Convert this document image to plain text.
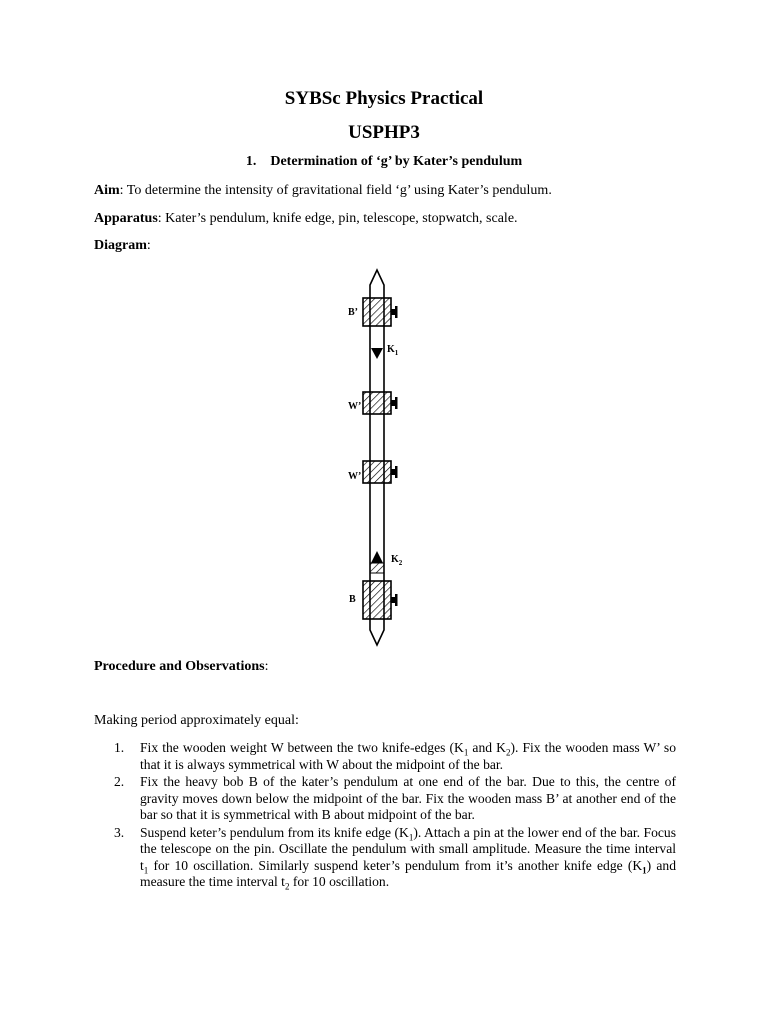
SYBSc Physics Practical
USPHP3
1. Determination of ‘g’ by Kater’s pendulum
Aim: To determine the intensity of gravitational field ‘g’ using Kater’s pendulum.
Apparatus: Kater’s pendulum, knife edge, pin, telescope, stopwatch, scale.
Diagram:
B’
$K_1$
W’
W’
$K_2$
B
Procedure and Observations:
Making period approximately equal:
1. Fix the wooden weight W between the two knife-edges ($K_1$ and $K_2$). Fix the wooden mass W’ so that it is always symmetrical with W about the midpoint of the bar.
2. Fix the heavy bob B of the kater’s pendulum at one end of the bar. Due to this, the centre of gravity moves down below the midpoint of the bar. Fix the wooden mass B’ at another end of the bar so that it is symmetrical with B about midpoint of the bar.
3. Suspend keter’s pendulum from its knife edge $(K_1)$. Attach a pin at the lower end of the bar. Focus the telescope on the pin. Oscillate the pendulum with small amplitude. Measure the time interval $t_1$ for 10 oscillation. Similarly suspend keter’s pendulum from it’s another knife edge $(K_1)$ and measure the time interval $t_2$ for 10 oscillation.
